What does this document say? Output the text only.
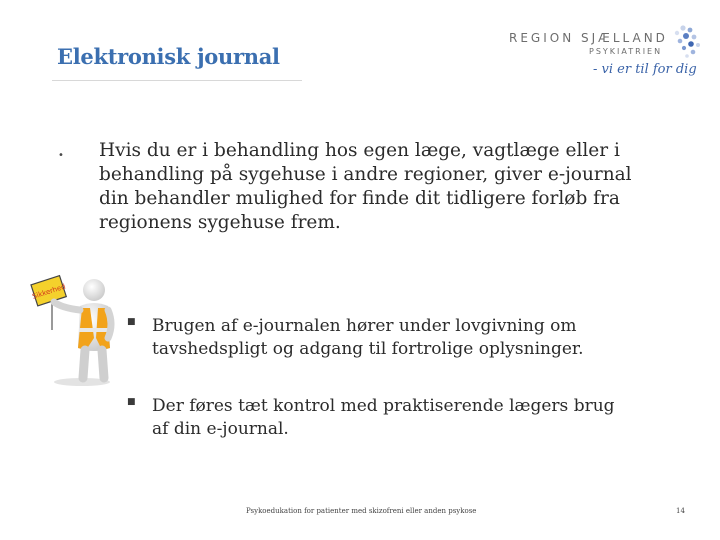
Elektronisk journal
REGION SJÆLLAND
PSYKIATRIEN
- vi er til for dig
• Hvis du er i behandling hos egen læge, vagtlæge eller i behandling på sygehuse i andre regioner, giver e-journal din behandler mulighed for finde dit tidligere forløb fra regionens sygehuse frem.
Sikkerhed
■ Brugen af e-journalen hører under lovgivning om tavshedspligt og adgang til fortrolige oplysninger.
■ Der føres tæt kontrol med praktiserende lægers brug af din e-journal.
Psykoedukation for patienter med skizofreni eller anden psykose	14
